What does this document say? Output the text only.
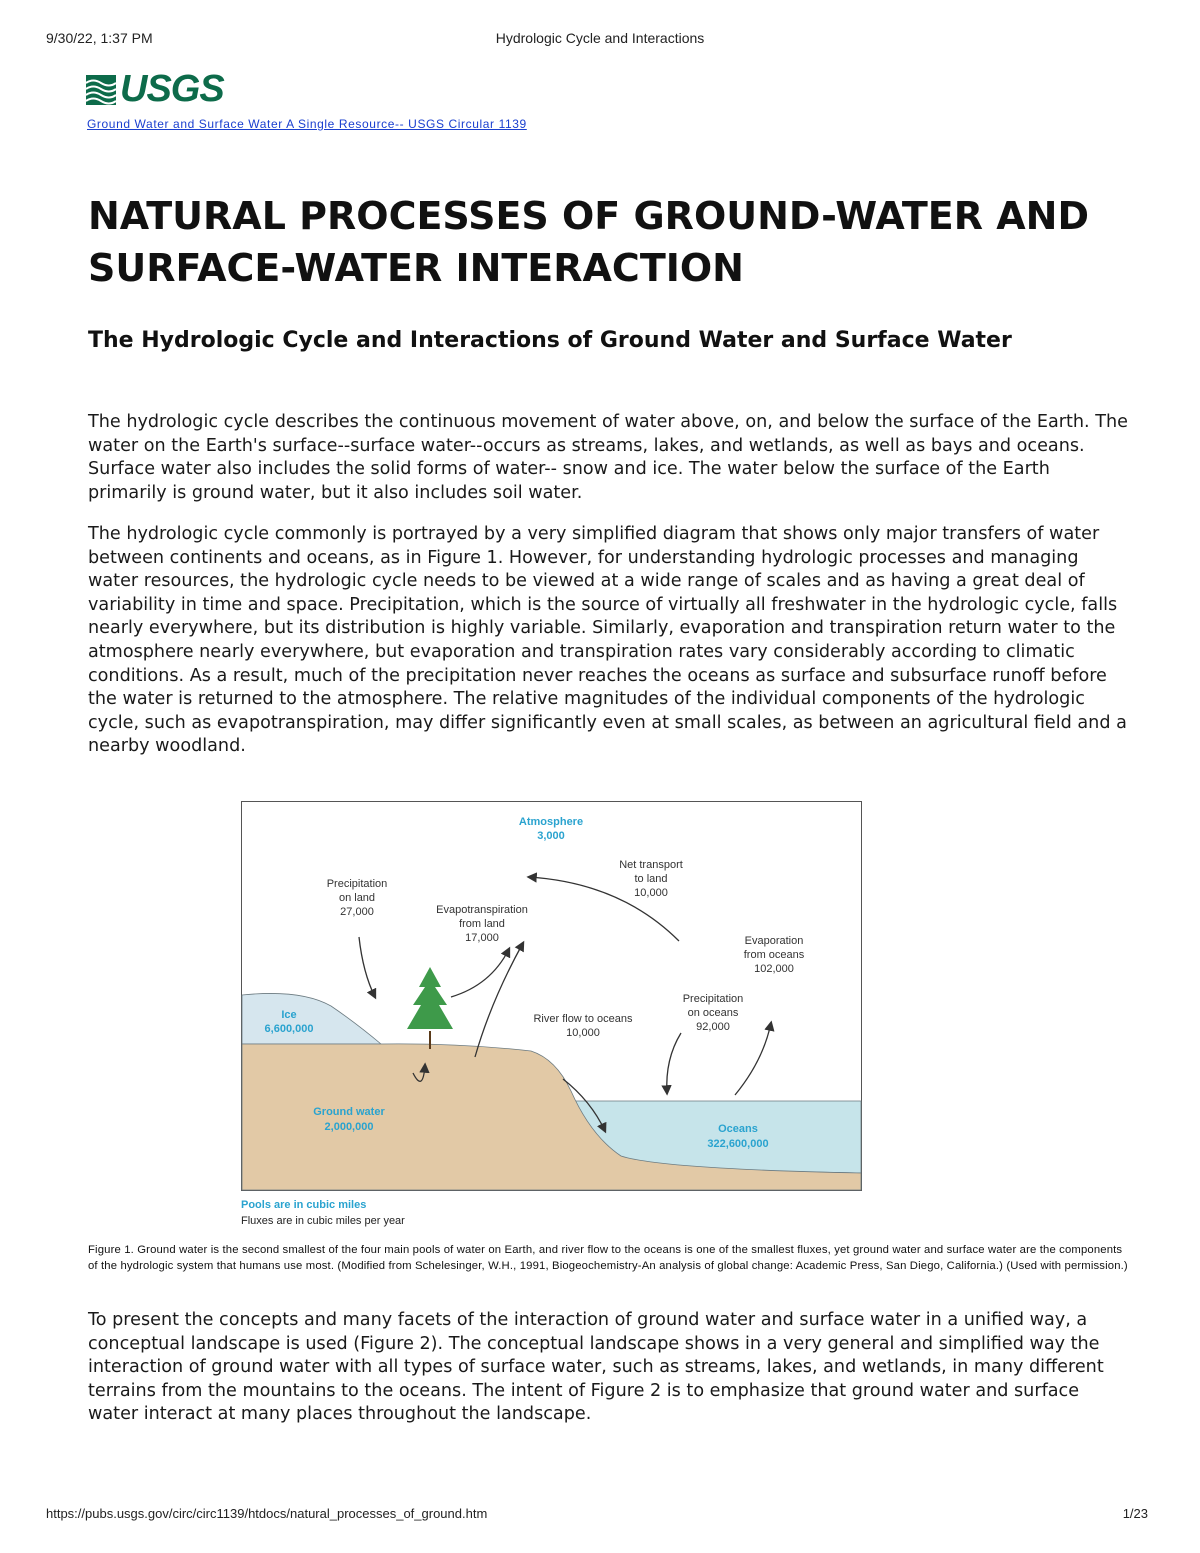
9/30/22, 1:37 PM	Hydrologic Cycle and Interactions
USGS
Ground Water and Surface Water A Single Resource-- USGS Circular 1139
NATURAL PROCESSES OF GROUND-WATER AND SURFACE-WATER INTERACTION
The Hydrologic Cycle and Interactions of Ground Water and Surface Water

The hydrologic cycle describes the continuous movement of water above, on, and below the surface of the Earth. The water on the Earth's surface--surface water--occurs as streams, lakes, and wetlands, as well as bays and oceans. Surface water also includes the solid forms of water-- snow and ice. The water below the surface of the Earth primarily is ground water, but it also includes soil water.

The hydrologic cycle commonly is portrayed by a very simplified diagram that shows only major transfers of water between continents and oceans, as in Figure 1. However, for understanding hydrologic processes and managing water resources, the hydrologic cycle needs to be viewed at a wide range of scales and as having a great deal of variability in time and space. Precipitation, which is the source of virtually all freshwater in the hydrologic cycle, falls nearly everywhere, but its distribution is highly variable. Similarly, evaporation and transpiration return water to the atmosphere nearly everywhere, but evaporation and transpiration rates vary considerably according to climatic conditions. As a result, much of the precipitation never reaches the oceans as surface and subsurface runoff before the water is returned to the atmosphere. The relative magnitudes of the individual components of the hydrologic cycle, such as evapotranspiration, may differ significantly even at small scales, as between an agricultural field and a nearby woodland.

Atmosphere
3,000
Ice
6,600,000
Ground water
2,000,000	Oceans
322,600,000
Precipitation
on land
27,000	Evapotranspiration
from land
17,000
Net transport
to land
10,000
Evaporation
from oceans
102,000
Precipitation
on oceans
92,000
River flow to oceans
10,000
Pools are in cubic miles
Fluxes are in cubic miles per year

Figure 1. Ground water is the second smallest of the four main pools of water on Earth, and river flow to the oceans is one of the smallest fluxes, yet ground water and surface water are the components of the hydrologic system that humans use most. (Modified from Schelesinger, W.H., 1991, Biogeochemistry-An analysis of global change: Academic Press, San Diego, California.) (Used with permission.)

To present the concepts and many facets of the interaction of ground water and surface water in a unified way, a conceptual landscape is used (Figure 2). The conceptual landscape shows in a very general and simplified way the interaction of ground water with all types of surface water, such as streams, lakes, and wetlands, in many different terrains from the mountains to the oceans. The intent of Figure 2 is to emphasize that ground water and surface water interact at many places throughout the landscape.

https://pubs.usgs.gov/circ/circ1139/htdocs/natural_processes_of_ground.htm	1/23
